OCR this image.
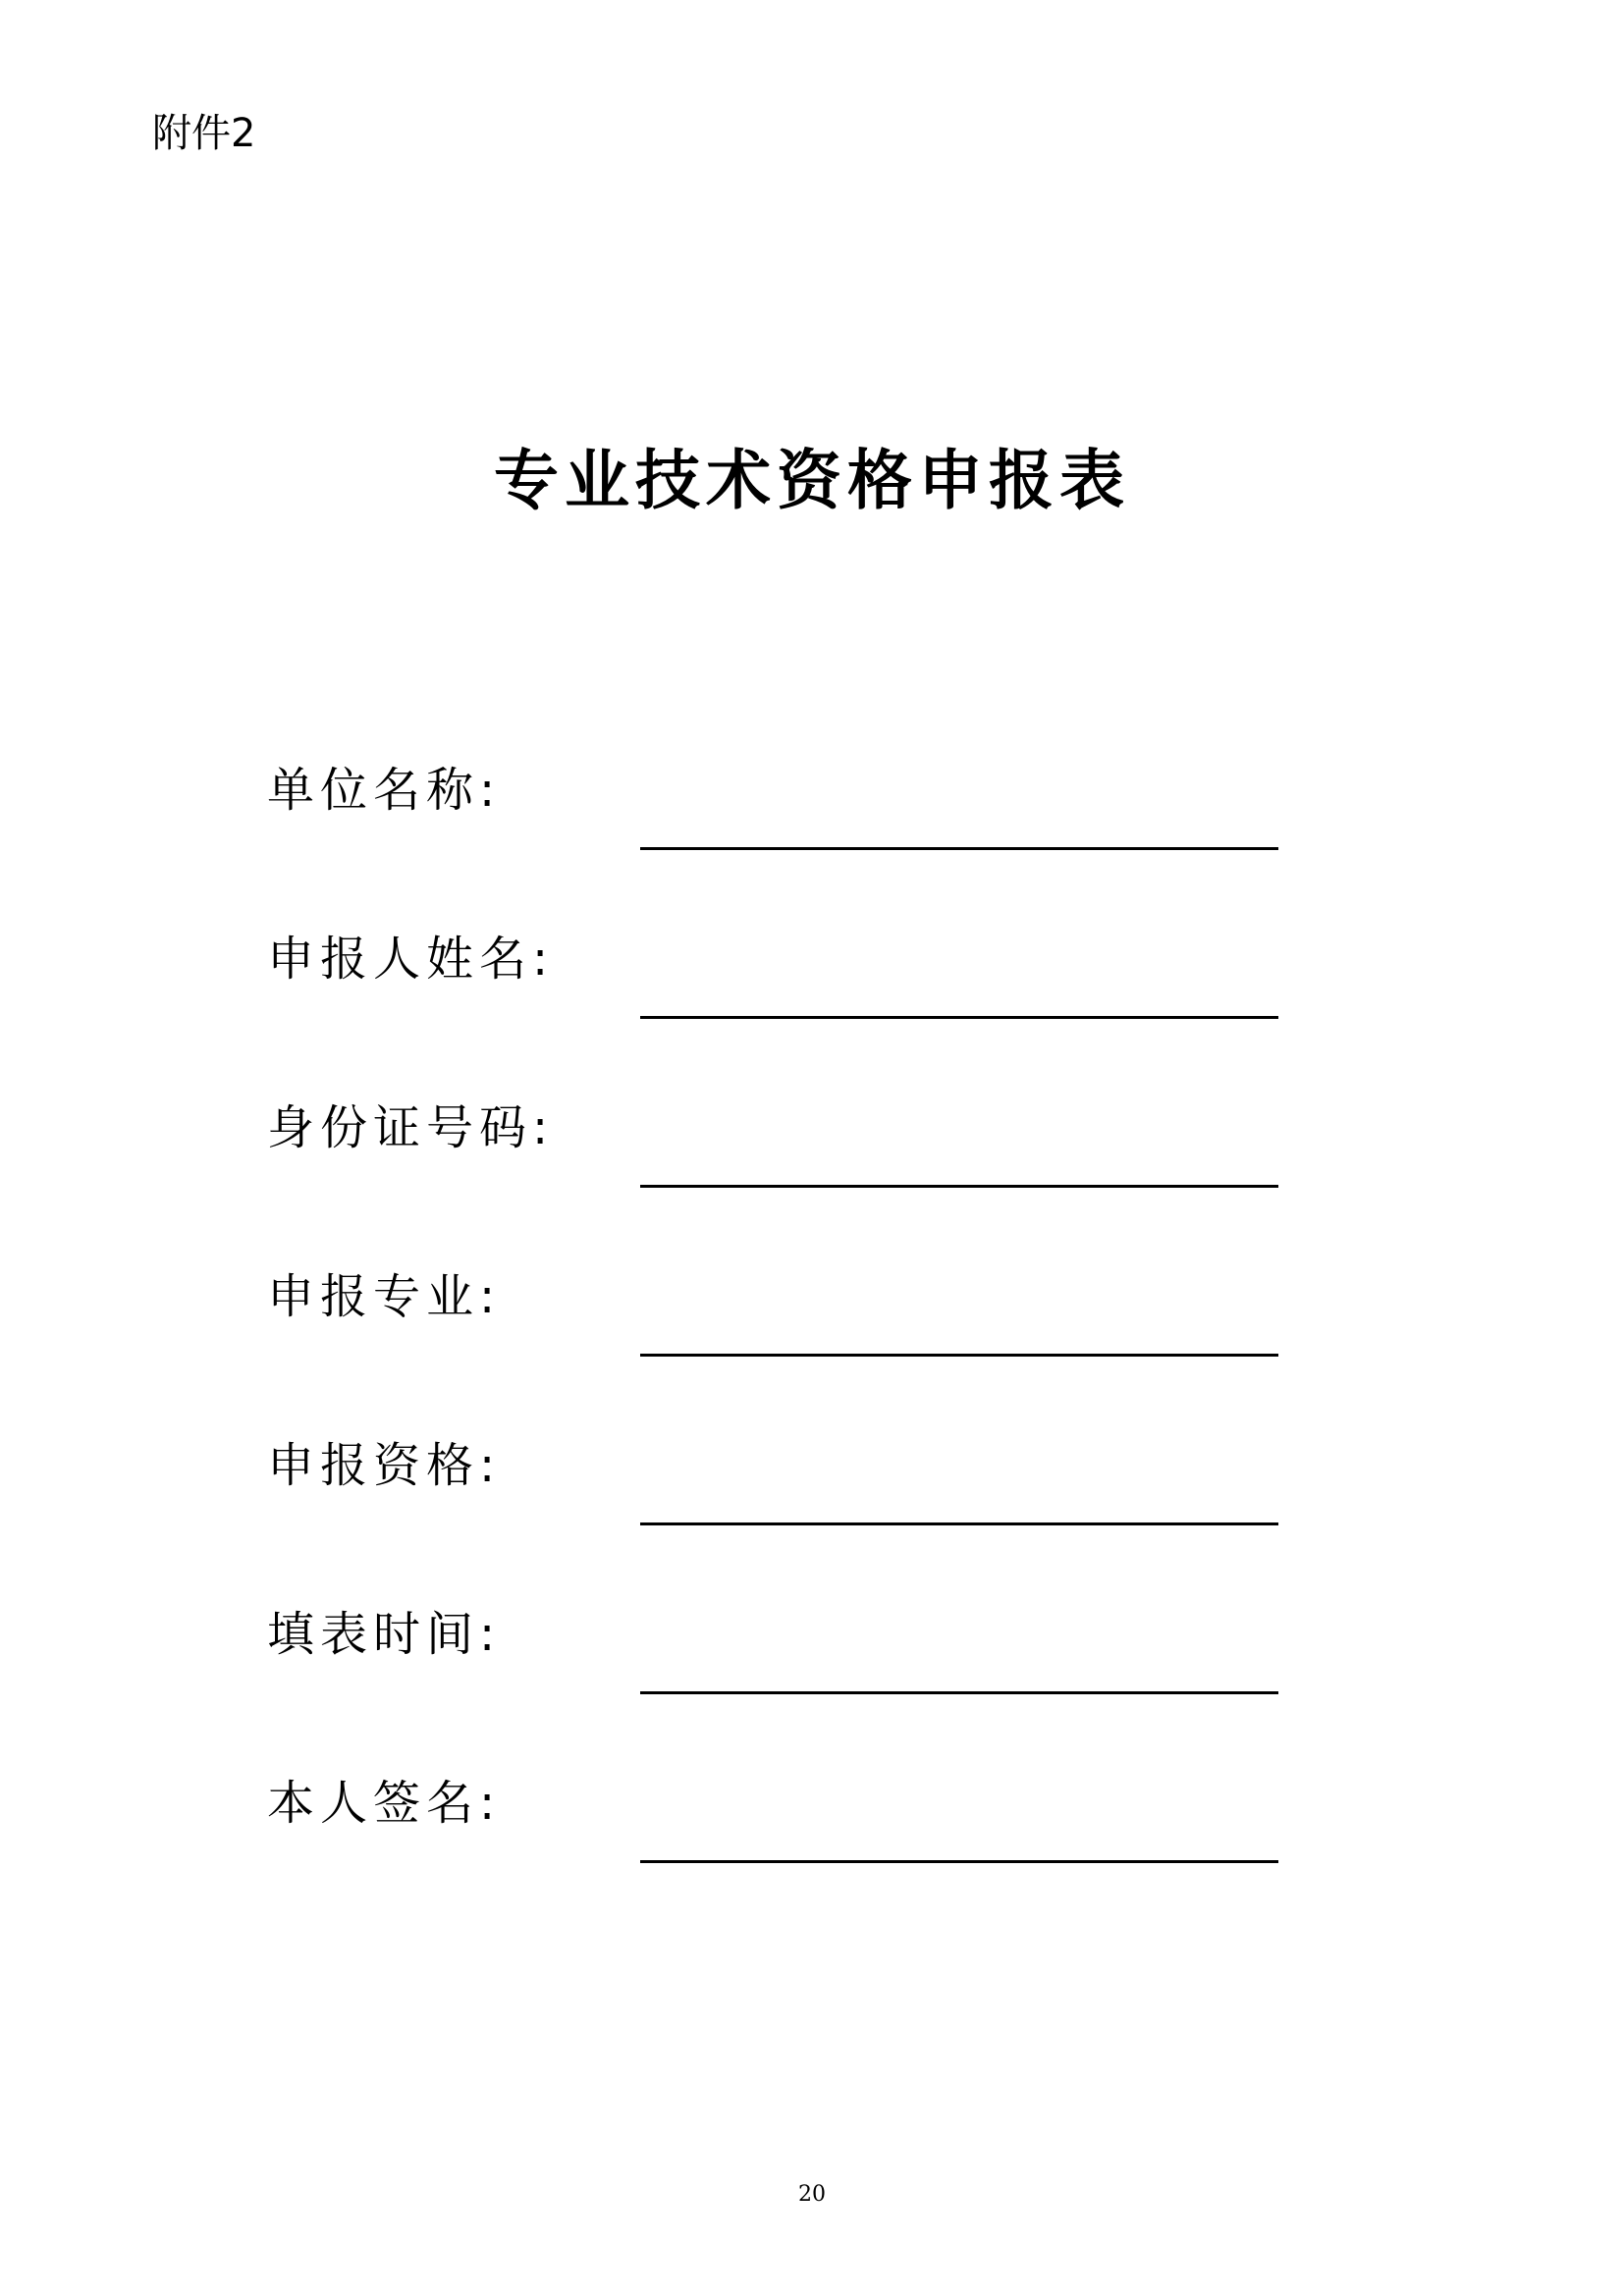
附件2
专业技术资格申报表
单位名称:
申报人姓名:
身份证号码:
申报专业:
申报资格:
填表时间:
本人签名:
20
